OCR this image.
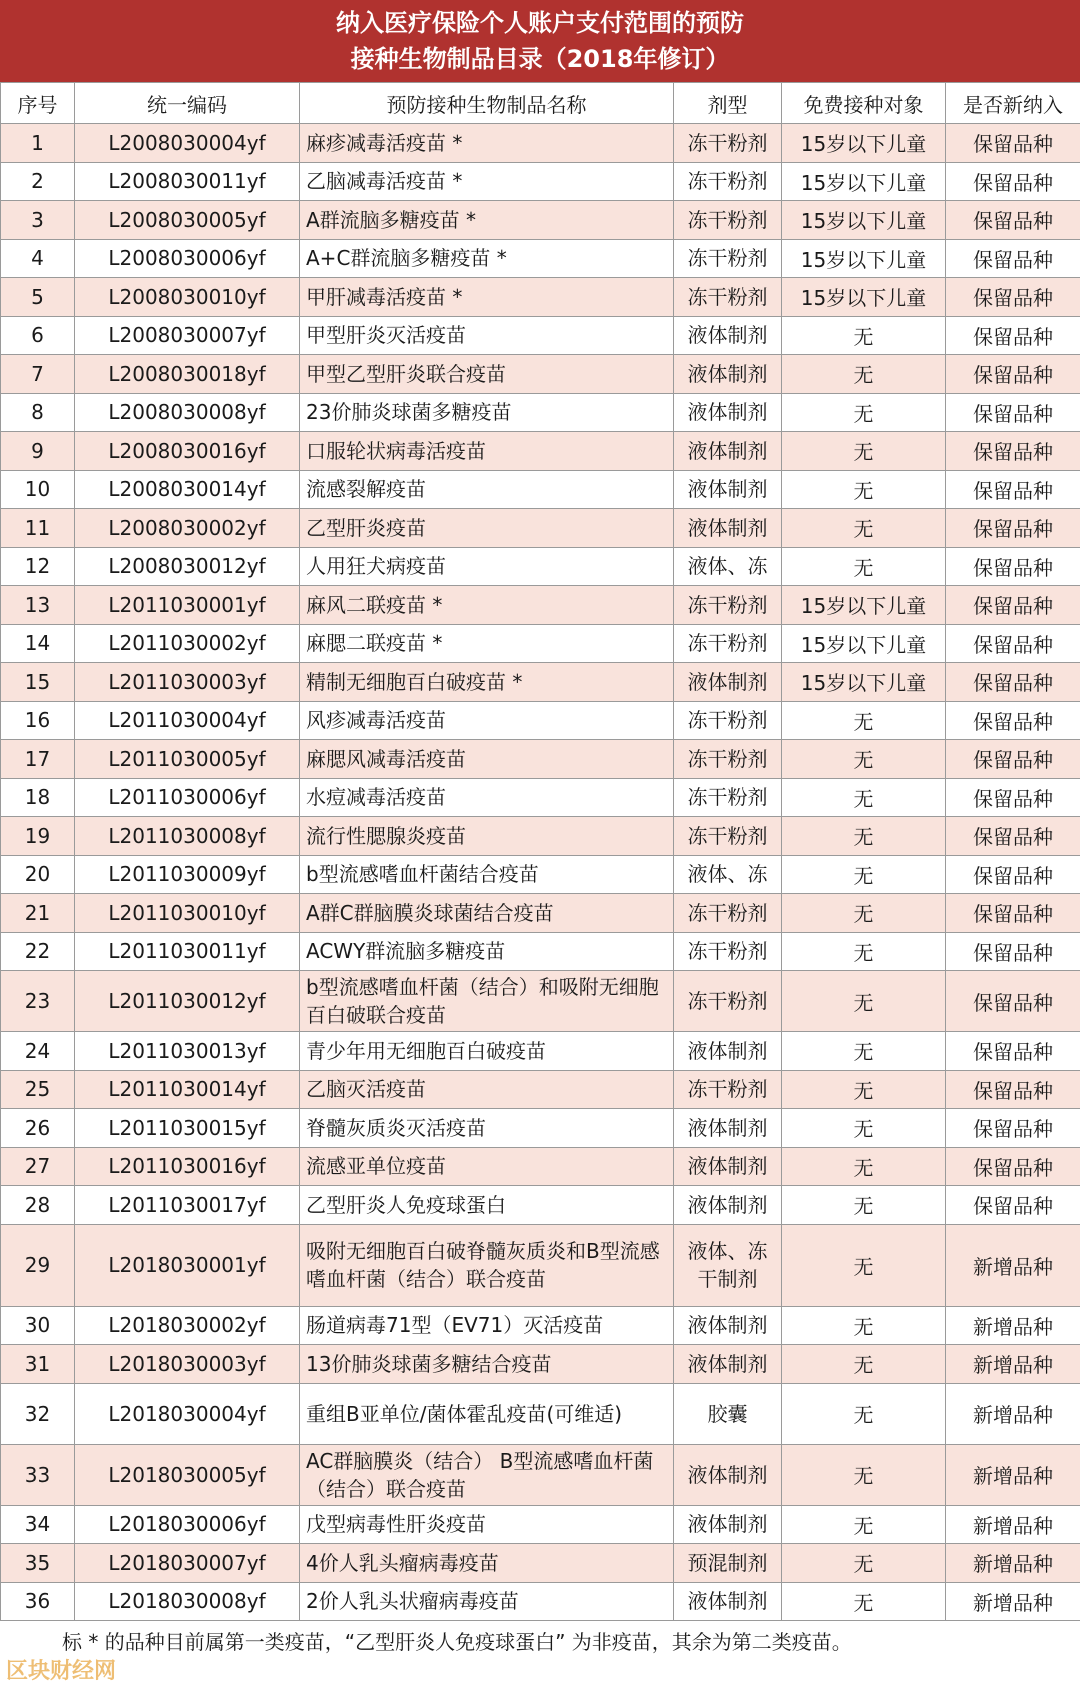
纳入医疗保险个人账户支付范围的预防
接种生物制品目录（2018年修订）
序号	统一编码	预防接种生物制品名称	剂型	免费接种对象	是否新纳入
1	L2008030004yf	麻疹减毒活疫苗 *	冻干粉剂	15岁以下儿童	保留品种
2	L2008030011yf	乙脑减毒活疫苗 *	冻干粉剂	15岁以下儿童	保留品种
3	L2008030005yf	A群流脑多糖疫苗 *	冻干粉剂	15岁以下儿童	保留品种
4	L2008030006yf	A+C群流脑多糖疫苗 *	冻干粉剂	15岁以下儿童	保留品种
5	L2008030010yf	甲肝减毒活疫苗 *	冻干粉剂	15岁以下儿童	保留品种
6	L2008030007yf	甲型肝炎灭活疫苗	液体制剂	无	保留品种
7	L2008030018yf	甲型乙型肝炎联合疫苗	液体制剂	无	保留品种
8	L2008030008yf	23价肺炎球菌多糖疫苗	液体制剂	无	保留品种
9	L2008030016yf	口服轮状病毒活疫苗	液体制剂	无	保留品种
10	L2008030014yf	流感裂解疫苗	液体制剂	无	保留品种
11	L2008030002yf	乙型肝炎疫苗	液体制剂	无	保留品种
12	L2008030012yf	人用狂犬病疫苗	液体、冻	无	保留品种
13	L2011030001yf	麻风二联疫苗 *	冻干粉剂	15岁以下儿童	保留品种
14	L2011030002yf	麻腮二联疫苗 *	冻干粉剂	15岁以下儿童	保留品种
15	L2011030003yf	精制无细胞百白破疫苗 *	液体制剂	15岁以下儿童	保留品种
16	L2011030004yf	风疹减毒活疫苗	冻干粉剂	无	保留品种
17	L2011030005yf	麻腮风减毒活疫苗	冻干粉剂	无	保留品种
18	L2011030006yf	水痘减毒活疫苗	冻干粉剂	无	保留品种
19	L2011030008yf	流行性腮腺炎疫苗	冻干粉剂	无	保留品种
20	L2011030009yf	b型流感嗜血杆菌结合疫苗	液体、冻	无	保留品种
21	L2011030010yf	A群C群脑膜炎球菌结合疫苗	冻干粉剂	无	保留品种
22	L2011030011yf	ACWY群流脑多糖疫苗	冻干粉剂	无	保留品种
23	L2011030012yf	b型流感嗜血杆菌（结合）和吸附无细胞百白破联合疫苗	冻干粉剂	无	保留品种
24	L2011030013yf	青少年用无细胞百白破疫苗	液体制剂	无	保留品种
25	L2011030014yf	乙脑灭活疫苗	冻干粉剂	无	保留品种
26	L2011030015yf	脊髓灰质炎灭活疫苗	液体制剂	无	保留品种
27	L2011030016yf	流感亚单位疫苗	液体制剂	无	保留品种
28	L2011030017yf	乙型肝炎人免疫球蛋白	液体制剂	无	保留品种
29	L2018030001yf	吸附无细胞百白破脊髓灰质炎和B型流感嗜血杆菌（结合）联合疫苗	液体、冻干制剂	无	新增品种
30	L2018030002yf	肠道病毒71型（EV71）灭活疫苗	液体制剂	无	新增品种
31	L2018030003yf	13价肺炎球菌多糖结合疫苗	液体制剂	无	新增品种
32	L2018030004yf	重组B亚单位/菌体霍乱疫苗(可维适)	胶囊	无	新增品种
33	L2018030005yf	AC群脑膜炎（结合） B型流感嗜血杆菌（结合）联合疫苗	液体制剂	无	新增品种
34	L2018030006yf	戊型病毒性肝炎疫苗	液体制剂	无	新增品种
35	L2018030007yf	4价人乳头瘤病毒疫苗	预混制剂	无	新增品种
36	L2018030008yf	2价人乳头状瘤病毒疫苗	液体制剂	无	新增品种
标 * 的品种目前属第一类疫苗，“乙型肝炎人免疫球蛋白” 为非疫苗，其余为第二类疫苗。
区块财经网
